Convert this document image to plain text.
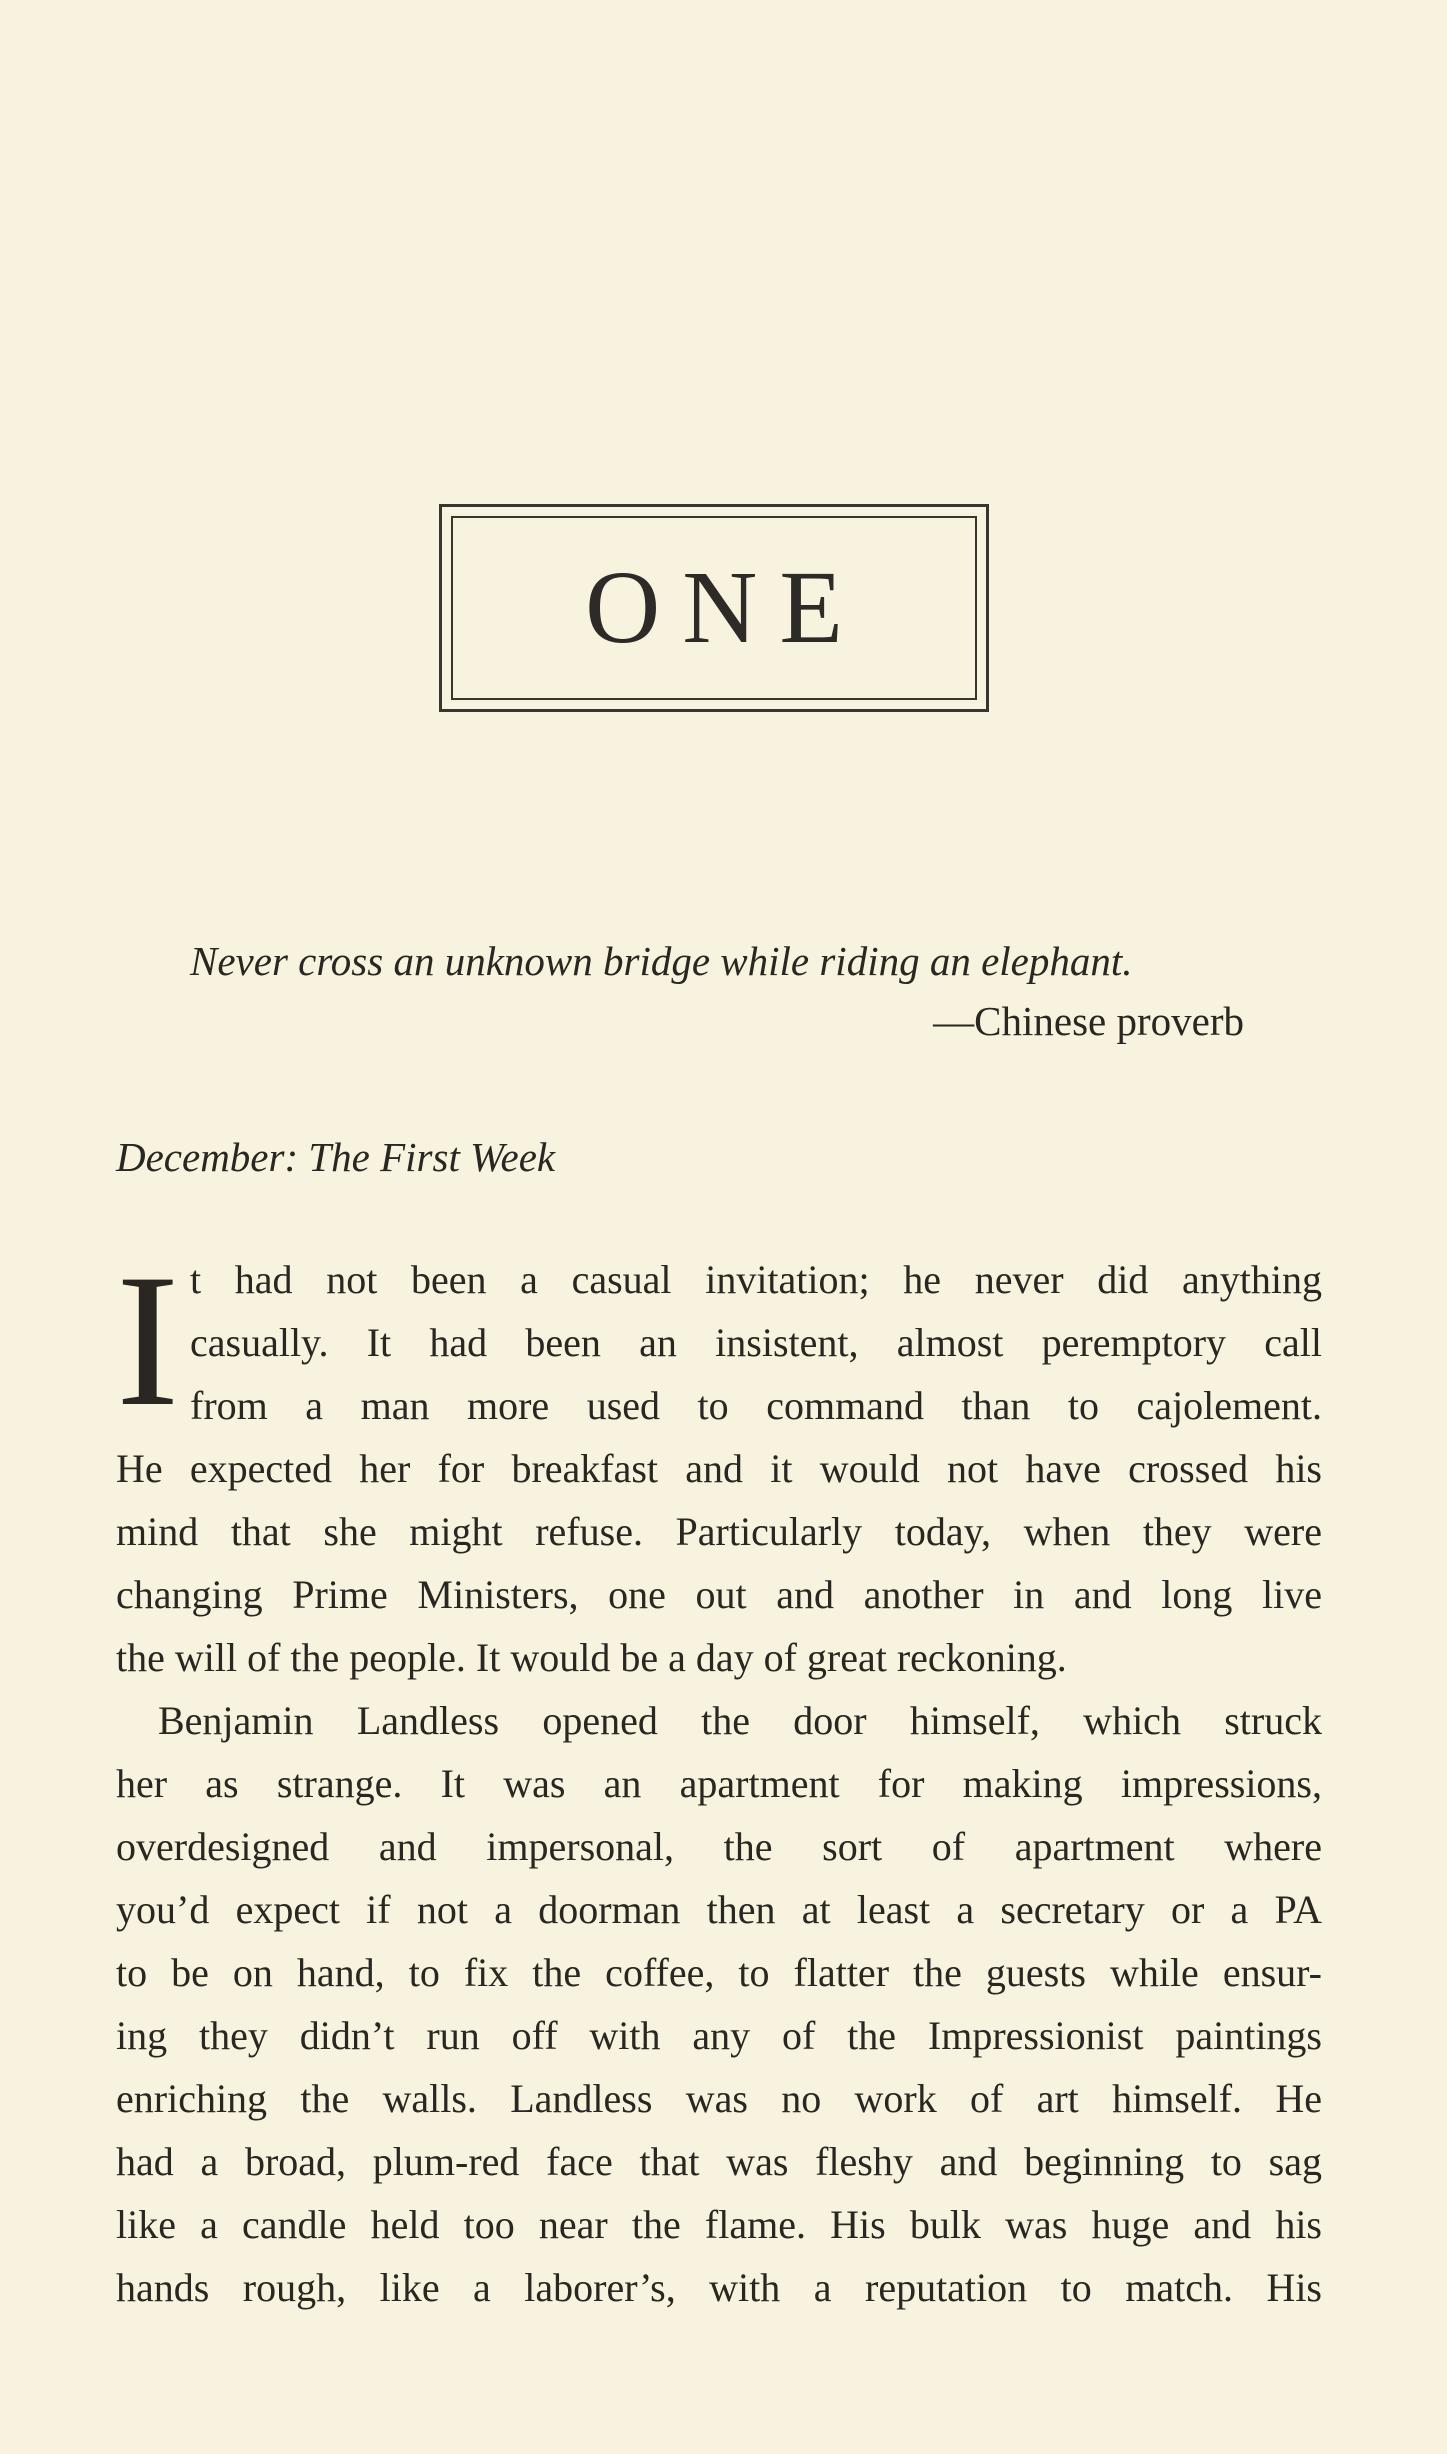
ONE
Never cross an unknown bridge while riding an elephant.
—Chinese proverb
December: The First Week
I t had not been a casual invitation; he never did anything
casually. It had been an insistent, almost peremptory call
from a man more used to command than to cajolement.
He expected her for breakfast and it would not have crossed his
mind that she might refuse. Particularly today, when they were
changing Prime Ministers, one out and another in and long live
the will of the people. It would be a day of great reckoning.
Benjamin Landless opened the door himself, which struck
her as strange. It was an apartment for making impressions,
overdesigned and impersonal, the sort of apartment where
you’d expect if not a doorman then at least a secretary or a PA
to be on hand, to fix the coffee, to flatter the guests while ensur-
ing they didn’t run off with any of the Impressionist paintings
enriching the walls. Landless was no work of art himself. He
had a broad, plum-red face that was fleshy and beginning to sag
like a candle held too near the flame. His bulk was huge and his
hands rough, like a laborer’s, with a reputation to match. His
